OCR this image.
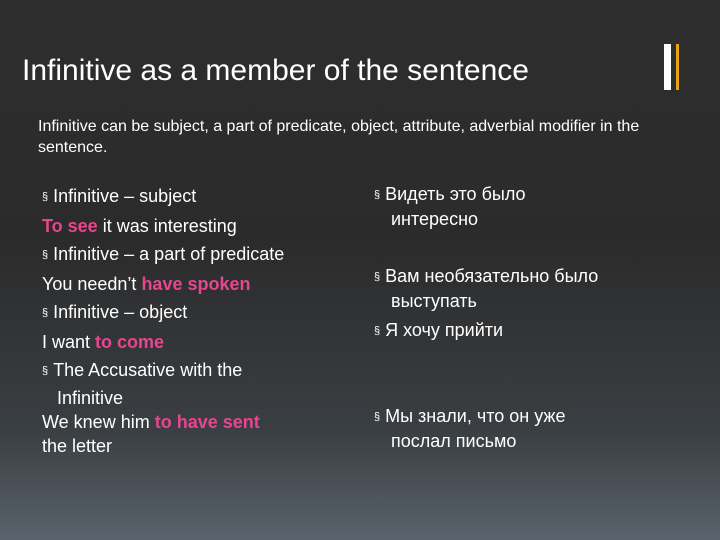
Infinitive as a member of the sentence
Infinitive can be subject, a part of predicate, object, attribute, adverbial modifier in the sentence.
§ Infinitive – subject
To see it was interesting
§ Infinitive – a part of predicate
You needn’t have spoken
§ Infinitive – object
I want to come
§ The Accusative with the
Infinitive
We knew him to have sent
the letter
§ Видеть это было
интересно
§ Вам необязательно было
выступать
§ Я хочу прийти
§ Мы знали, что он уже
послал письмо
